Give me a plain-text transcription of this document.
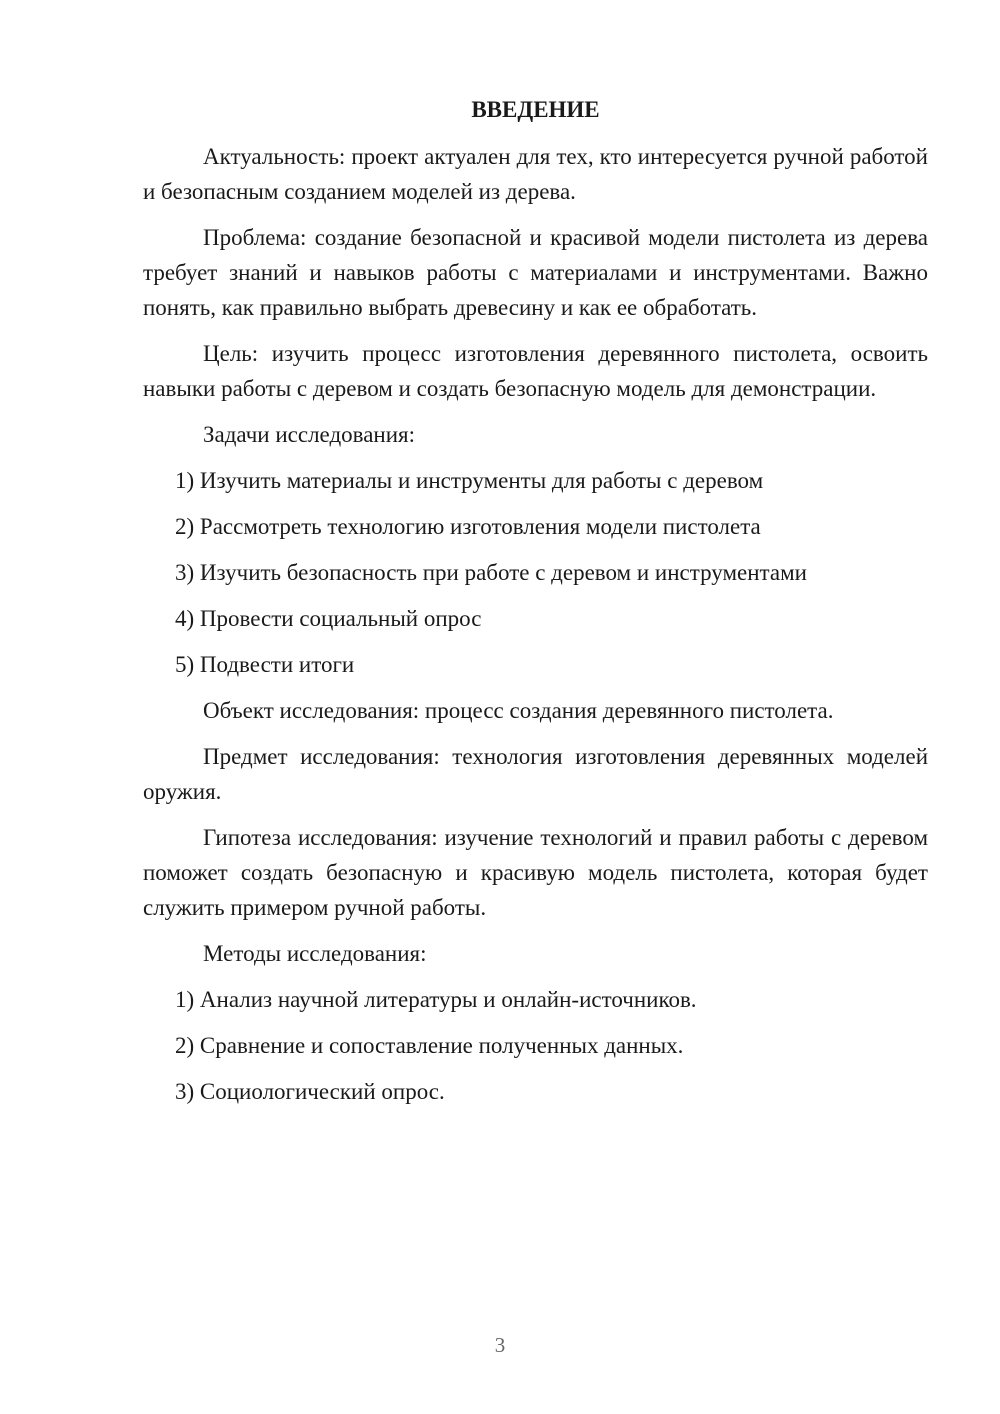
ВВЕДЕНИЕ

Актуальность: проект актуален для тех, кто интересуется ручной работой и безопасным созданием моделей из дерева.

Проблема: создание безопасной и красивой модели пистолета из дерева требует знаний и навыков работы с материалами и инструментами. Важно понять, как правильно выбрать древесину и как ее обработать.

Цель: изучить процесс изготовления деревянного пистолета, освоить навыки работы с деревом и создать безопасную модель для демонстрации.

Задачи исследования:

1) Изучить материалы и инструменты для работы с деревом

2) Рассмотреть технологию изготовления модели пистолета

3) Изучить безопасность при работе с деревом и инструментами

4) Провести социальный опрос

5) Подвести итоги

Объект исследования: процесс создания деревянного пистолета.

Предмет исследования: технология изготовления деревянных моделей оружия.

Гипотеза исследования: изучение технологий и правил работы с деревом поможет создать безопасную и красивую модель пистолета, которая будет служить примером ручной работы.

Методы исследования:

1) Анализ научной литературы и онлайн-источников.

2) Сравнение и сопоставление полученных данных.

3) Социологический опрос.

3
